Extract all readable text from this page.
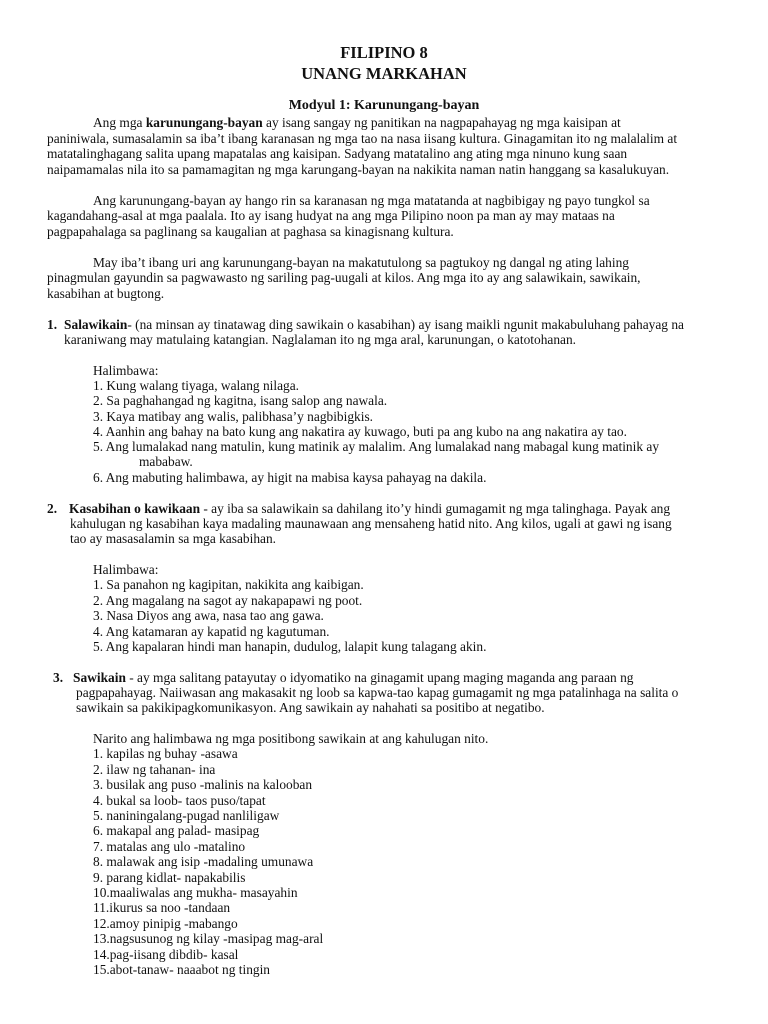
FILIPINO 8
UNANG MARKAHAN
Modyul 1: Karunungang-bayan
Ang mga karunungang-bayan ay isang sangay ng panitikan na nagpapahayag ng mga kaisipan at
paniniwala, sumasalamin sa iba’t ibang karanasan ng mga tao na nasa iisang kultura. Ginagamitan ito ng malalalim at
matatalinghagang salita upang mapatalas ang kaisipan. Sadyang matatalino ang ating mga ninuno kung saan
naipamamalas nila ito sa pamamagitan ng mga karungang-bayan na nakikita naman natin hanggang sa kasalukuyan.
Ang karunungang-bayan ay hango rin sa karanasan ng mga matatanda at nagbibigay ng payo tungkol sa
kagandahang-asal at mga paalala. Ito ay isang hudyat na ang mga Pilipino noon pa man ay may mataas na
pagpapahalaga sa paglinang sa kaugalian at paghasa sa kinagisnang kultura.
May iba’t ibang uri ang karunungang-bayan na makatutulong sa pagtukoy ng dangal ng ating lahing
pinagmulan gayundin sa pagwawasto ng sariling pag-uugali at kilos. Ang mga ito ay ang salawikain, sawikain,
kasabihan at bugtong.
1. Salawikain- (na minsan ay tinatawag ding sawikain o kasabihan) ay isang maikli ngunit makabuluhang pahayag na
karaniwang may matulaing katangian. Naglalaman ito ng mga aral, karunungan, o katotohanan.
Halimbawa:
1. Kung walang tiyaga, walang nilaga.
2. Sa paghahangad ng kagitna, isang salop ang nawala.
3. Kaya matibay ang walis, palibhasa’y nagbibigkis.
4. Aanhin ang bahay na bato kung ang nakatira ay kuwago, buti pa ang kubo na ang nakatira ay tao.
5. Ang lumalakad nang matulin, kung matinik ay malalim. Ang lumalakad nang mabagal kung matinik ay
mababaw.
6. Ang mabuting halimbawa, ay higit na mabisa kaysa pahayag na dakila.
2. Kasabihan o kawikaan - ay iba sa salawikain sa dahilang ito’y hindi gumagamit ng mga talinghaga. Payak ang
kahulugan ng kasabihan kaya madaling maunawaan ang mensaheng hatid nito. Ang kilos, ugali at gawi ng isang
tao ay masasalamin sa mga kasabihan.
Halimbawa:
1. Sa panahon ng kagipitan, nakikita ang kaibigan.
2. Ang magalang na sagot ay nakapapawi ng poot.
3. Nasa Diyos ang awa, nasa tao ang gawa.
4. Ang katamaran ay kapatid ng kagutuman.
5. Ang kapalaran hindi man hanapin, dudulog, lalapit kung talagang akin.
3. Sawikain - ay mga salitang patayutay o idyomatiko na ginagamit upang maging maganda ang paraan ng
pagpapahayag. Naiiwasan ang makasakit ng loob sa kapwa-tao kapag gumagamit ng mga patalinhaga na salita o
sawikain sa pakikipagkomunikasyon. Ang sawikain ay nahahati sa positibo at negatibo.
Narito ang halimbawa ng mga positibong sawikain at ang kahulugan nito.
1. kapilas ng buhay -asawa
2. ilaw ng tahanan- ina
3. busilak ang puso -malinis na kalooban
4. bukal sa loob- taos puso/tapat
5. naniningalang-pugad nanliligaw
6. makapal ang palad- masipag
7. matalas ang ulo -matalino
8. malawak ang isip -madaling umunawa
9. parang kidlat- napakabilis
10.maaliwalas ang mukha- masayahin
11.ikurus sa noo -tandaan
12.amoy pinipig -mabango
13.nagsusunog ng kilay -masipag mag-aral
14.pag-iisang dibdib- kasal
15.abot-tanaw- naaabot ng tingin
